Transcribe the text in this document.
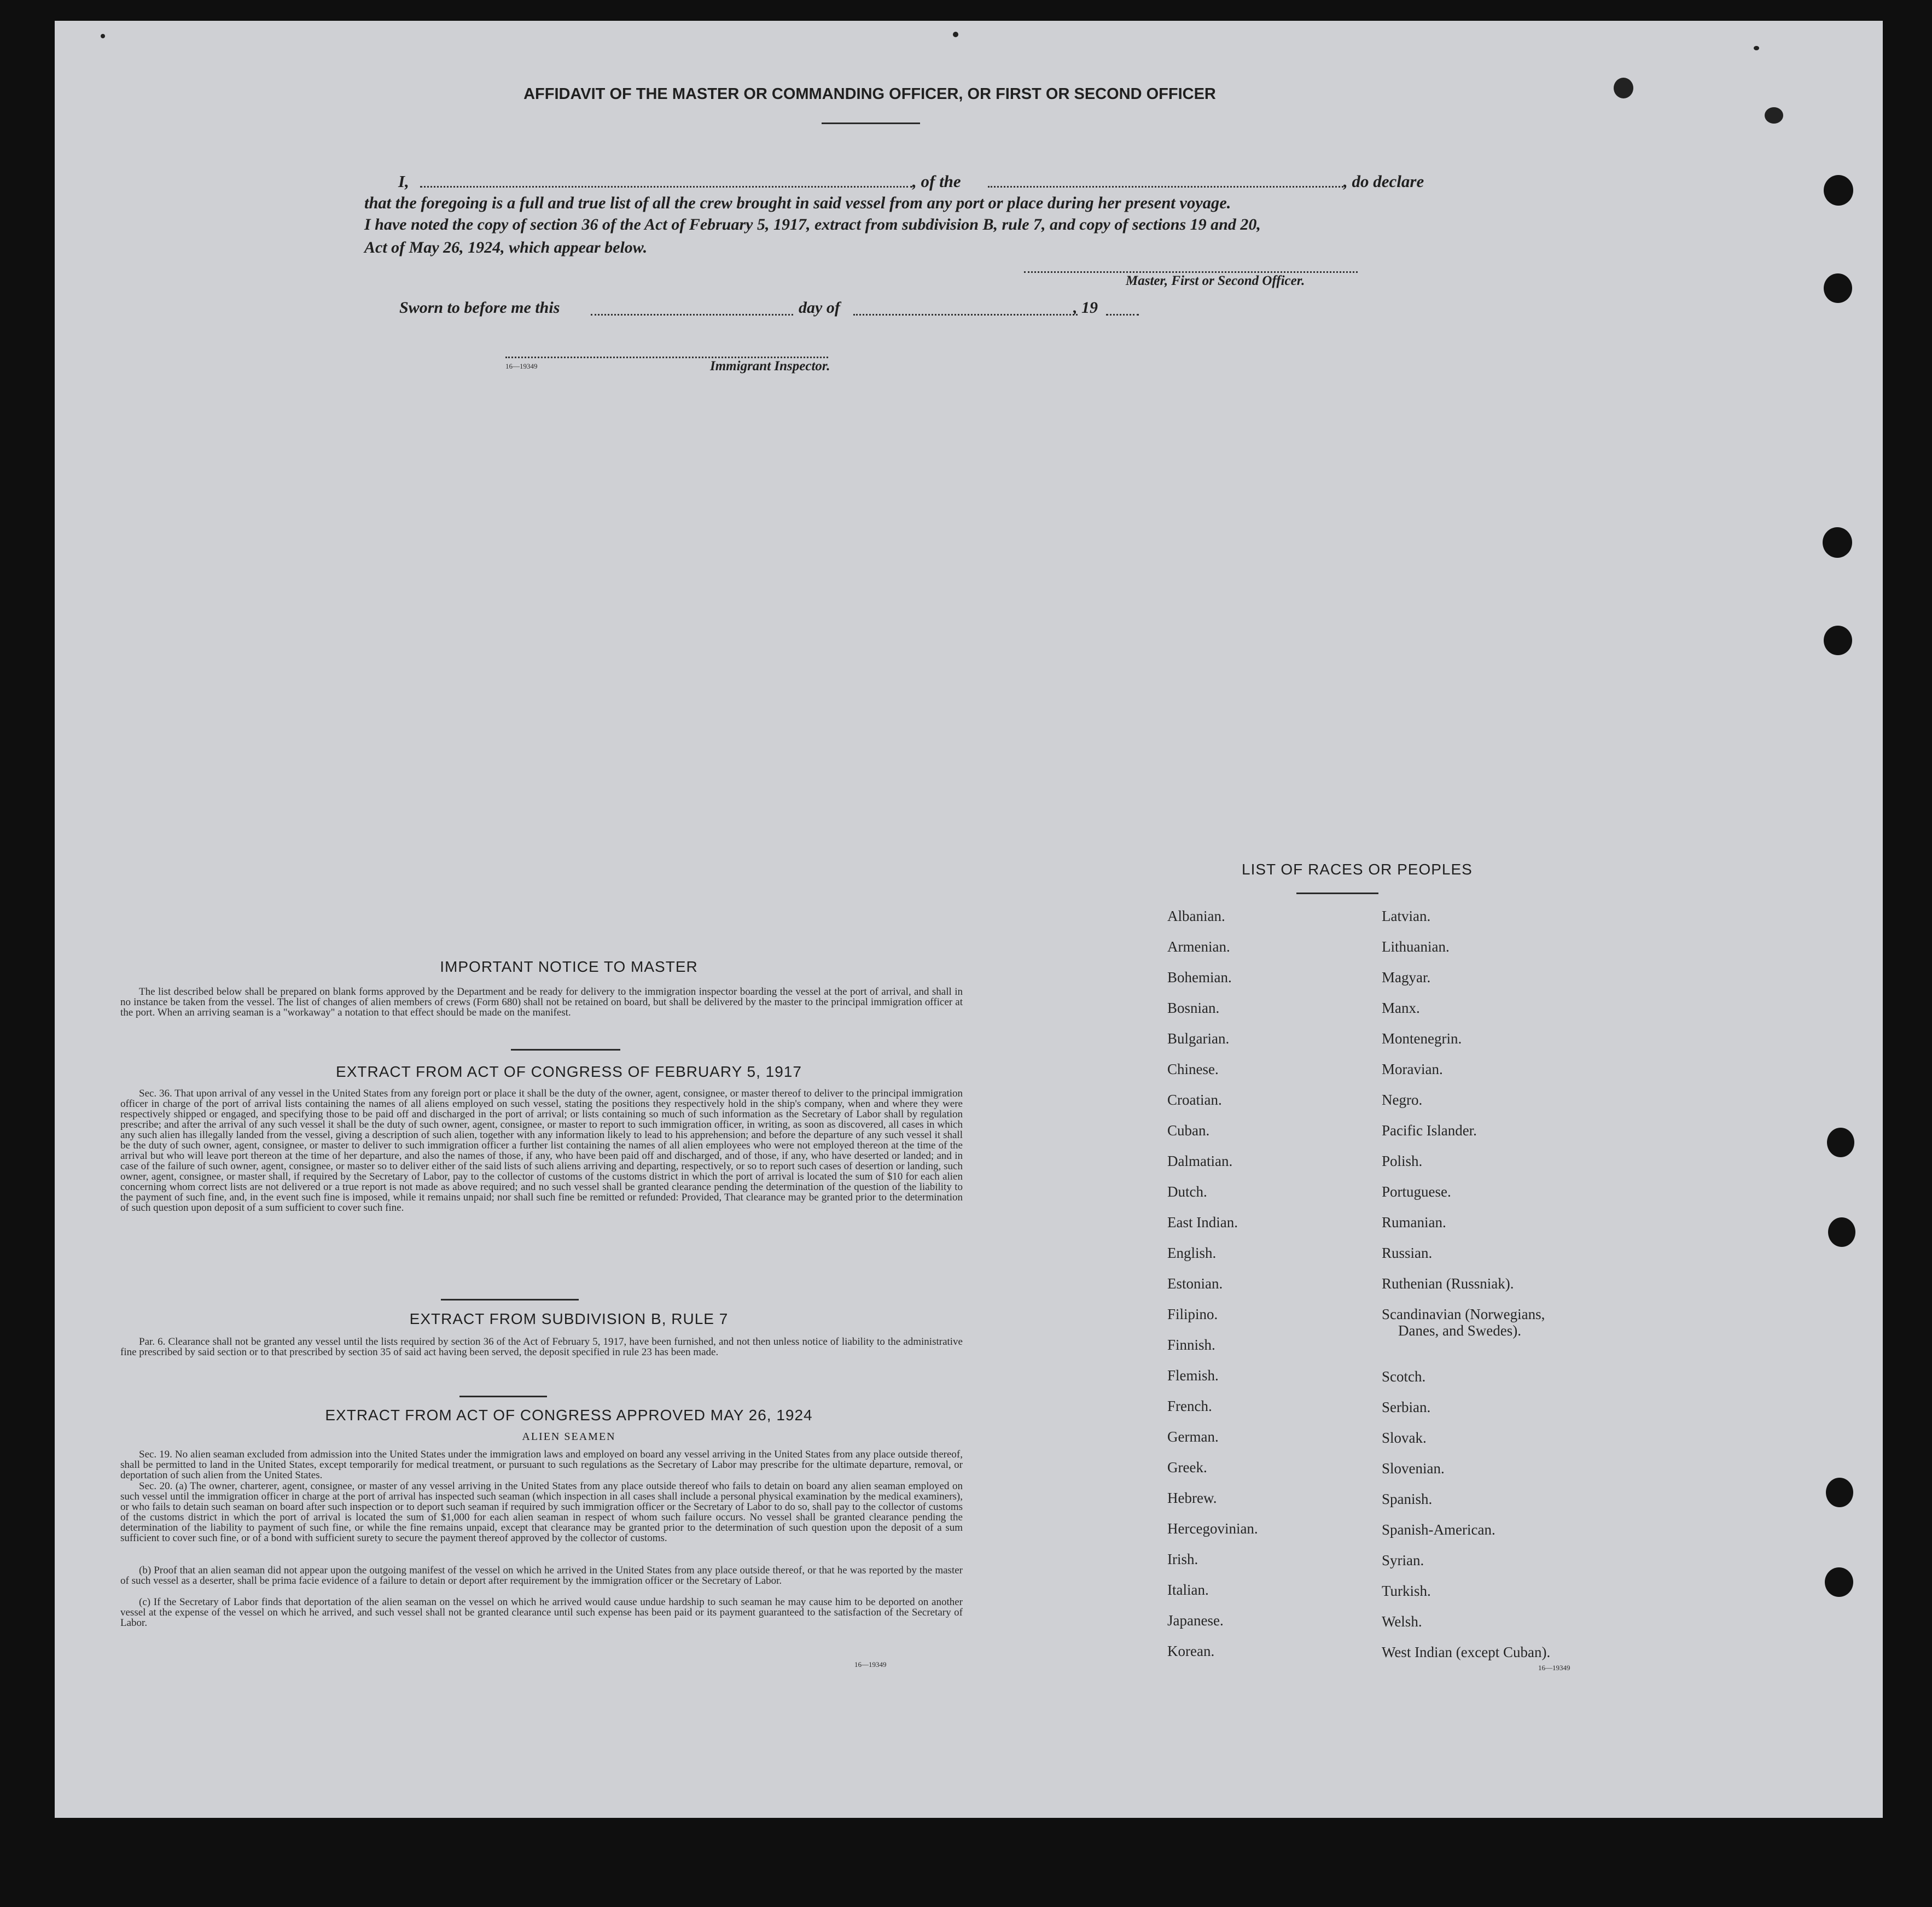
AFFIDAVIT OF THE MASTER OR COMMANDING OFFICER, OR FIRST OR SECOND OFFICER
I,	, of the	, do declare
that the foregoing is a full and true list of all the crew brought in said vessel from any port or place during her present voyage.
I have noted the copy of section 36 of the Act of February 5, 1917, extract from subdivision B, rule 7, and copy of sections 19 and 20,
Act of May 26, 1924, which appear below.
Master, First or Second Officer.
Sworn to before me this	day of	, 19
16—19349	Immigrant Inspector.
IMPORTANT NOTICE TO MASTER
The list described below shall be prepared on blank forms approved by the Department and be ready for delivery to the immigration inspector boarding the vessel at the port of arrival, and shall in no instance be taken from the vessel. The list of changes of alien members of crews (Form 680) shall not be retained on board, but shall be delivered by the master to the principal immigration officer at the port. When an arriving seaman is a "workaway" a notation to that effect should be made on the manifest.
EXTRACT FROM ACT OF CONGRESS OF FEBRUARY 5, 1917
Sec. 36. That upon arrival of any vessel in the United States from any foreign port or place it shall be the duty of the owner, agent, consignee, or master thereof to deliver to the principal immigration officer in charge of the port of arrival lists containing the names of all aliens employed on such vessel, stating the positions they respectively hold in the ship's company, when and where they were respectively shipped or engaged, and specifying those to be paid off and discharged in the port of arrival; or lists containing so much of such information as the Secretary of Labor shall by regulation prescribe; and after the arrival of any such vessel it shall be the duty of such owner, agent, consignee, or master to report to such immigration officer, in writing, as soon as discovered, all cases in which any such alien has illegally landed from the vessel, giving a description of such alien, together with any information likely to lead to his apprehension; and before the departure of any such vessel it shall be the duty of such owner, agent, consignee, or master to deliver to such immigration officer a further list containing the names of all alien employees who were not employed thereon at the time of the arrival but who will leave port thereon at the time of her departure, and also the names of those, if any, who have been paid off and discharged, and of those, if any, who have deserted or landed; and in case of the failure of such owner, agent, consignee, or master so to deliver either of the said lists of such aliens arriving and departing, respectively, or so to report such cases of desertion or landing, such owner, agent, consignee, or master shall, if required by the Secretary of Labor, pay to the collector of customs of the customs district in which the port of arrival is located the sum of $10 for each alien concerning whom correct lists are not delivered or a true report is not made as above required; and no such vessel shall be granted clearance pending the determination of the question of the liability to the payment of such fine, and, in the event such fine is imposed, while it remains unpaid; nor shall such fine be remitted or refunded: Provided, That clearance may be granted prior to the determination of such question upon deposit of a sum sufficient to cover such fine.
EXTRACT FROM SUBDIVISION B, RULE 7
Par. 6. Clearance shall not be granted any vessel until the lists required by section 36 of the Act of February 5, 1917, have been furnished, and not then unless notice of liability to the administrative fine prescribed by said section or to that prescribed by section 35 of said act having been served, the deposit specified in rule 23 has been made.
EXTRACT FROM ACT OF CONGRESS APPROVED MAY 26, 1924
ALIEN SEAMEN
Sec. 19. No alien seaman excluded from admission into the United States under the immigration laws and employed on board any vessel arriving in the United States from any place outside thereof, shall be permitted to land in the United States, except temporarily for medical treatment, or pursuant to such regulations as the Secretary of Labor may prescribe for the ultimate departure, removal, or deportation of such alien from the United States.
Sec. 20. (a) The owner, charterer, agent, consignee, or master of any vessel arriving in the United States from any place outside thereof who fails to detain on board any alien seaman employed on such vessel until the immigration officer in charge at the port of arrival has inspected such seaman (which inspection in all cases shall include a personal physical examination by the medical examiners), or who fails to detain such seaman on board after such inspection or to deport such seaman if required by such immigration officer or the Secretary of Labor to do so, shall pay to the collector of customs of the customs district in which the port of arrival is located the sum of $1,000 for each alien seaman in respect of whom such failure occurs. No vessel shall be granted clearance pending the determination of the liability to payment of such fine, or while the fine remains unpaid, except that clearance may be granted prior to the determination of such question upon the deposit of a sum sufficient to cover such fine, or of a bond with sufficient surety to secure the payment thereof approved by the collector of customs.
(b) Proof that an alien seaman did not appear upon the outgoing manifest of the vessel on which he arrived in the United States from any place outside thereof, or that he was reported by the master of such vessel as a deserter, shall be prima facie evidence of a failure to detain or deport after requirement by the immigration officer or the Secretary of Labor.
(c) If the Secretary of Labor finds that deportation of the alien seaman on the vessel on which he arrived would cause undue hardship to such seaman he may cause him to be deported on another vessel at the expense of the vessel on which he arrived, and such vessel shall not be granted clearance until such expense has been paid or its payment guaranteed to the satisfaction of the Secretary of Labor.
16—19349
LIST OF RACES OR PEOPLES
Albanian.
Armenian.
Bohemian.
Bosnian.
Bulgarian.
Chinese.
Croatian.
Cuban.
Dalmatian.
Dutch.
East Indian.
English.
Estonian.
Filipino.
Finnish.
Flemish.
French.
German.
Greek.
Hebrew.
Hercegovinian.
Irish.
Italian.
Japanese.
Korean.
Latvian.
Lithuanian.
Magyar.
Manx.
Montenegrin.
Moravian.
Negro.
Pacific Islander.
Polish.
Portuguese.
Rumanian.
Russian.
Ruthenian (Russniak).
Scandinavian (Norwegians,
Danes, and Swedes).
Scotch.
Serbian.
Slovak.
Slovenian.
Spanish.
Spanish-American.
Syrian.
Turkish.
Welsh.
West Indian (except Cuban).
16—19349
